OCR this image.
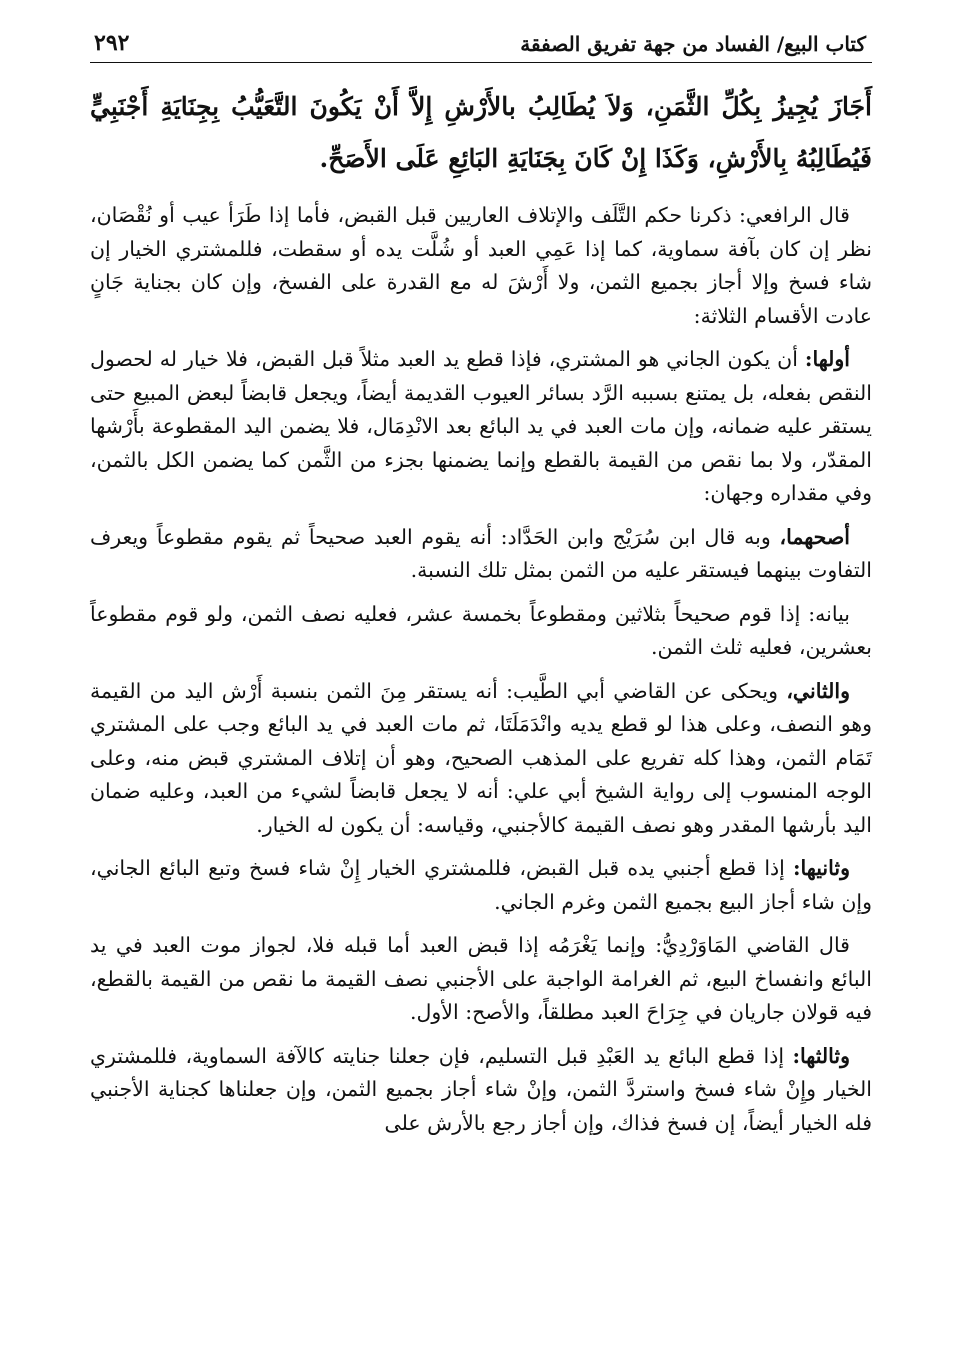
كتاب البيع/ الفساد من جهة تفريق الصفقة
٢٩٢

أَجَازَ يُجِيزُ بِكُلِّ الثَّمَنِ، وَلاَ يُطَالِبُ بالأَرْشِ إِلاَّ أَنْ يَكُونَ التَّعَيُّبُ بِجِنَايَةِ أَجْنَبِيٍّ فَيُطَالِبُهُ بِالأَرْشِ، وَكَذَا إِنْ كَانَ بِجَنَايَةِ البَائِعِ عَلَى الأَصَحِّ.

قال الرافعي: ذكرنا حكم التَّلَف والإتلاف العاريين قبل القبض، فأما إذا طَرَأ عيب أو نُقْصَان، نظر إن كان بآفة سماوية، كما إذا عَمِي العبد أو شُلَّت يده أو سقطت، فللمشتري الخيار إن شاء فسخ وإلا أجاز بجميع الثمن، ولا أَرْشَ له مع القدرة على الفسخ، وإن كان بجناية جَانٍ عادت الأقسام الثلاثة:

أولها: أن يكون الجاني هو المشتري، فإذا قطع يد العبد مثلاً قبل القبض، فلا خيار له لحصول النقص بفعله، بل يمتنع بسببه الرَّد بسائر العيوب القديمة أيضاً، ويجعل قابضاً لبعض المبيع حتى يستقر عليه ضمانه، وإن مات العبد في يد البائع بعد الانْدِمَال، فلا يضمن اليد المقطوعة بأَرْشها المقدّر، ولا بما نقص من القيمة بالقطع وإنما يضمنها بجزء من الثَّمن كما يضمن الكل بالثمن، وفي مقداره وجهان:

أصحهما، وبه قال ابن سُرَيْج وابن الحَدَّاد: أنه يقوم العبد صحيحاً ثم يقوم مقطوعاً ويعرف التفاوت بينهما فيستقر عليه من الثمن بمثل تلك النسبة.

بيانه: إذا قوم صحيحاً بثلاثين ومقطوعاً بخمسة عشر، فعليه نصف الثمن، ولو قوم مقطوعاً بعشرين، فعليه ثلث الثمن.

والثاني، ويحكى عن القاضي أبي الطَّيب: أنه يستقر مِنَ الثمن بنسبة أَرْش اليد من القيمة وهو النصف، وعلى هذا لو قطع يديه وانْدَمَلَتَا، ثم مات العبد في يد البائع وجب على المشتري تَمَام الثمن، وهذا كله تفريع على المذهب الصحيح، وهو أن إتلاف المشتري قبض منه، وعلى الوجه المنسوب إلى رواية الشيخ أبي علي: أنه لا يجعل قابضاً لشيء من العبد، وعليه ضمان اليد بأرشها المقدر وهو نصف القيمة كالأجنبي، وقياسه: أن يكون له الخيار.

وثانيها: إذا قطع أجنبي يده قبل القبض، فللمشتري الخيار إِنْ شاء فسخ وتبع البائع الجاني، وإن شاء أجاز البيع بجميع الثمن وغرم الجاني.

قال القاضي المَاوَرْدِيُّ: وإنما يَغْرَمُه إذا قبض العبد أما قبله فلا، لجواز موت العبد في يد البائع وانفساخ البيع، ثم الغرامة الواجبة على الأجنبي نصف القيمة ما نقص من القيمة بالقطع، فيه قولان جاريان في جِرَاحَ العبد مطلقاً، والأصح: الأول.

وثالثها: إذا قطع البائع يد العَبْدِ قبل التسليم، فإن جعلنا جنايته كالآفة السماوية، فللمشتري الخيار وإِنْ شاء فسخ واستردَّ الثمن، وإنْ شاء أجاز بجميع الثمن، وإن جعلناها كجناية الأجنبي فله الخيار أيضاً، إن فسخ فذاك، وإن أجاز رجع بالأرش على
